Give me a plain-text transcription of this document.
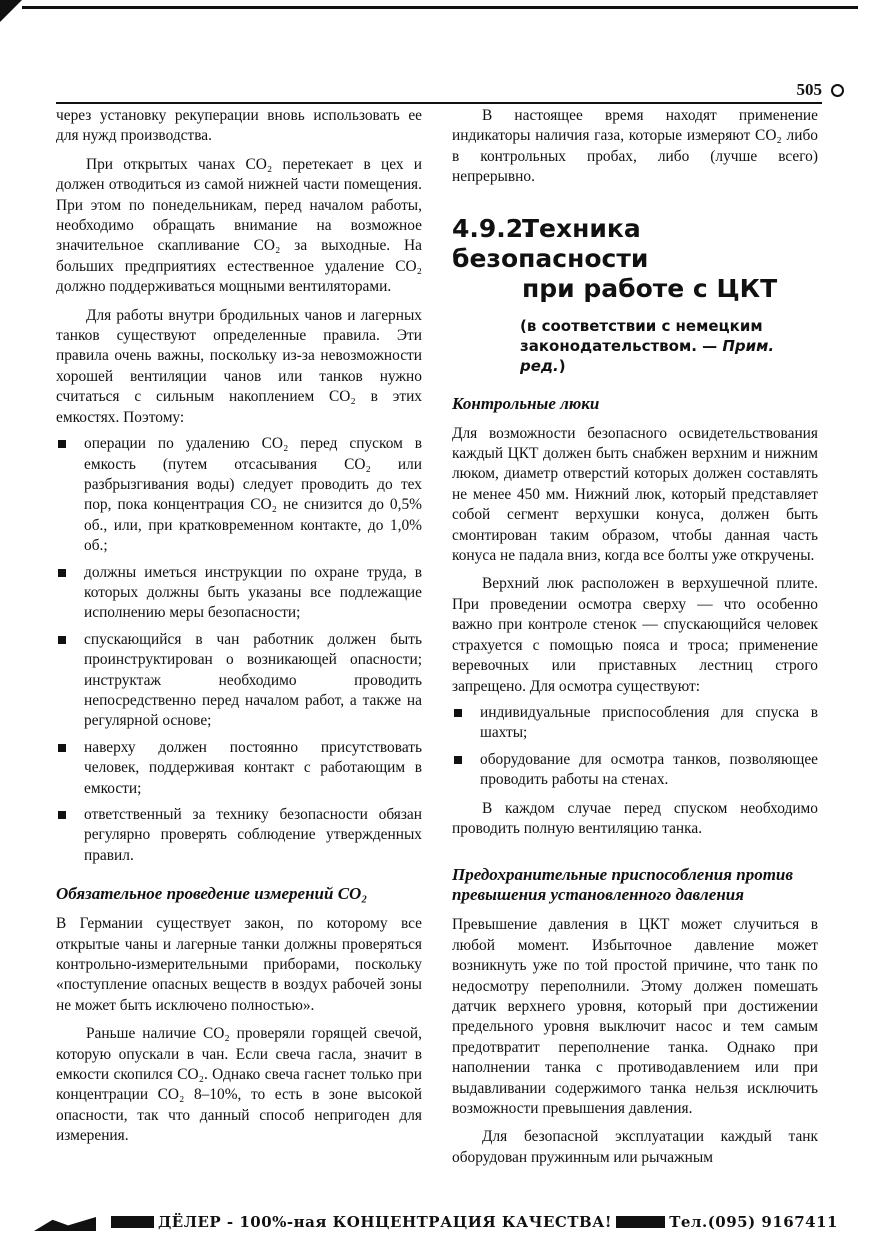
505

через установку рекуперации вновь использовать ее для нужд производства.

При открытых чанах CO₂ перетекает в цех и должен отводиться из самой нижней части помещения. При этом по понедельникам, перед началом работы, необходимо обращать внимание на возможное значительное скапливание CO₂ за выходные. На больших предприятиях естественное удаление CO₂ должно поддерживаться мощными вентиляторами.

Для работы внутри бродильных чанов и лагерных танков существуют определенные правила. Эти правила очень важны, поскольку из-за невозможности хорошей вентиляции чанов или танков нужно считаться с сильным накоплением CO₂ в этих емкостях. Поэтому:

операции по удалению CO₂ перед спуском в емкость (путем отсасывания CO₂ или разбрызгивания воды) следует проводить до тех пор, пока концентрация CO₂ не снизится до 0,5% об., или, при кратковременном контакте, до 1,0% об.;
должны иметься инструкции по охране труда, в которых должны быть указаны все подлежащие исполнению меры безопасности;
спускающийся в чан работник должен быть проинструктирован о возникающей опасности; инструктаж необходимо проводить непосредственно перед началом работ, а также на регулярной основе;
наверху должен постоянно присутствовать человек, поддерживая контакт с работающим в емкости;
ответственный за технику безопасности обязан регулярно проверять соблюдение утвержденных правил.
Обязательное проведение измерений CO₂

В Германии существует закон, по которому все открытые чаны и лагерные танки должны проверяться контрольно-измерительными приборами, поскольку «поступление опасных веществ в воздух рабочей зоны не может быть исключено полностью».

Раньше наличие CO₂ проверяли горящей свечой, которую опускали в чан. Если свеча гасла, значит в емкости скопился CO₂. Однако свеча гаснет только при концентрации CO₂ 8–10%, то есть в зоне высокой опасности, так что данный способ непригоден для измерения.

В настоящее время находят применение индикаторы наличия газа, которые измеряют CO₂ либо в контрольных пробах, либо (лучше всего) непрерывно.

4.9.2.Техника безопасности
при работе с ЦКТ
(в соответствии с немецким законодательством. — Прим. ред.)
Контрольные люки

Для возможности безопасного освидетельствования каждый ЦКТ должен быть снабжен верхним и нижним люком, диаметр отверстий которых должен составлять не менее 450 мм. Нижний люк, который представляет собой сегмент верхушки конуса, должен быть смонтирован таким образом, чтобы данная часть конуса не падала вниз, когда все болты уже откручены.

Верхний люк расположен в верхушечной плите. При проведении осмотра сверху — что особенно важно при контроле стенок — спускающийся человек страхуется с помощью пояса и троса; применение веревочных или приставных лестниц строго запрещено. Для осмотра существуют:

индивидуальные приспособления для спуска в шахты;
оборудование для осмотра танков, позволяющее проводить работы на стенах.

В каждом случае перед спуском необходимо проводить полную вентиляцию танка.

Предохранительные приспособления против превышения установленного давления

Превышение давления в ЦКТ может случиться в любой момент. Избыточное давление может возникнуть уже по той простой причине, что танк по недосмотру переполнили. Этому должен помешать датчик верхнего уровня, который при достижении предельного уровня выключит насос и тем самым предотвратит переполнение танка. Однако при наполнении танка с противодавлением или при выдавливании содержимого танка нельзя исключить возможности превышения давления.

Для безопасной эксплуатации каждый танк оборудован пружинным или рычажным

ДЁЛЕР - 100%-ная КОНЦЕНТРАЦИЯ КАЧЕСТВА!	Тел.(095) 9167411
